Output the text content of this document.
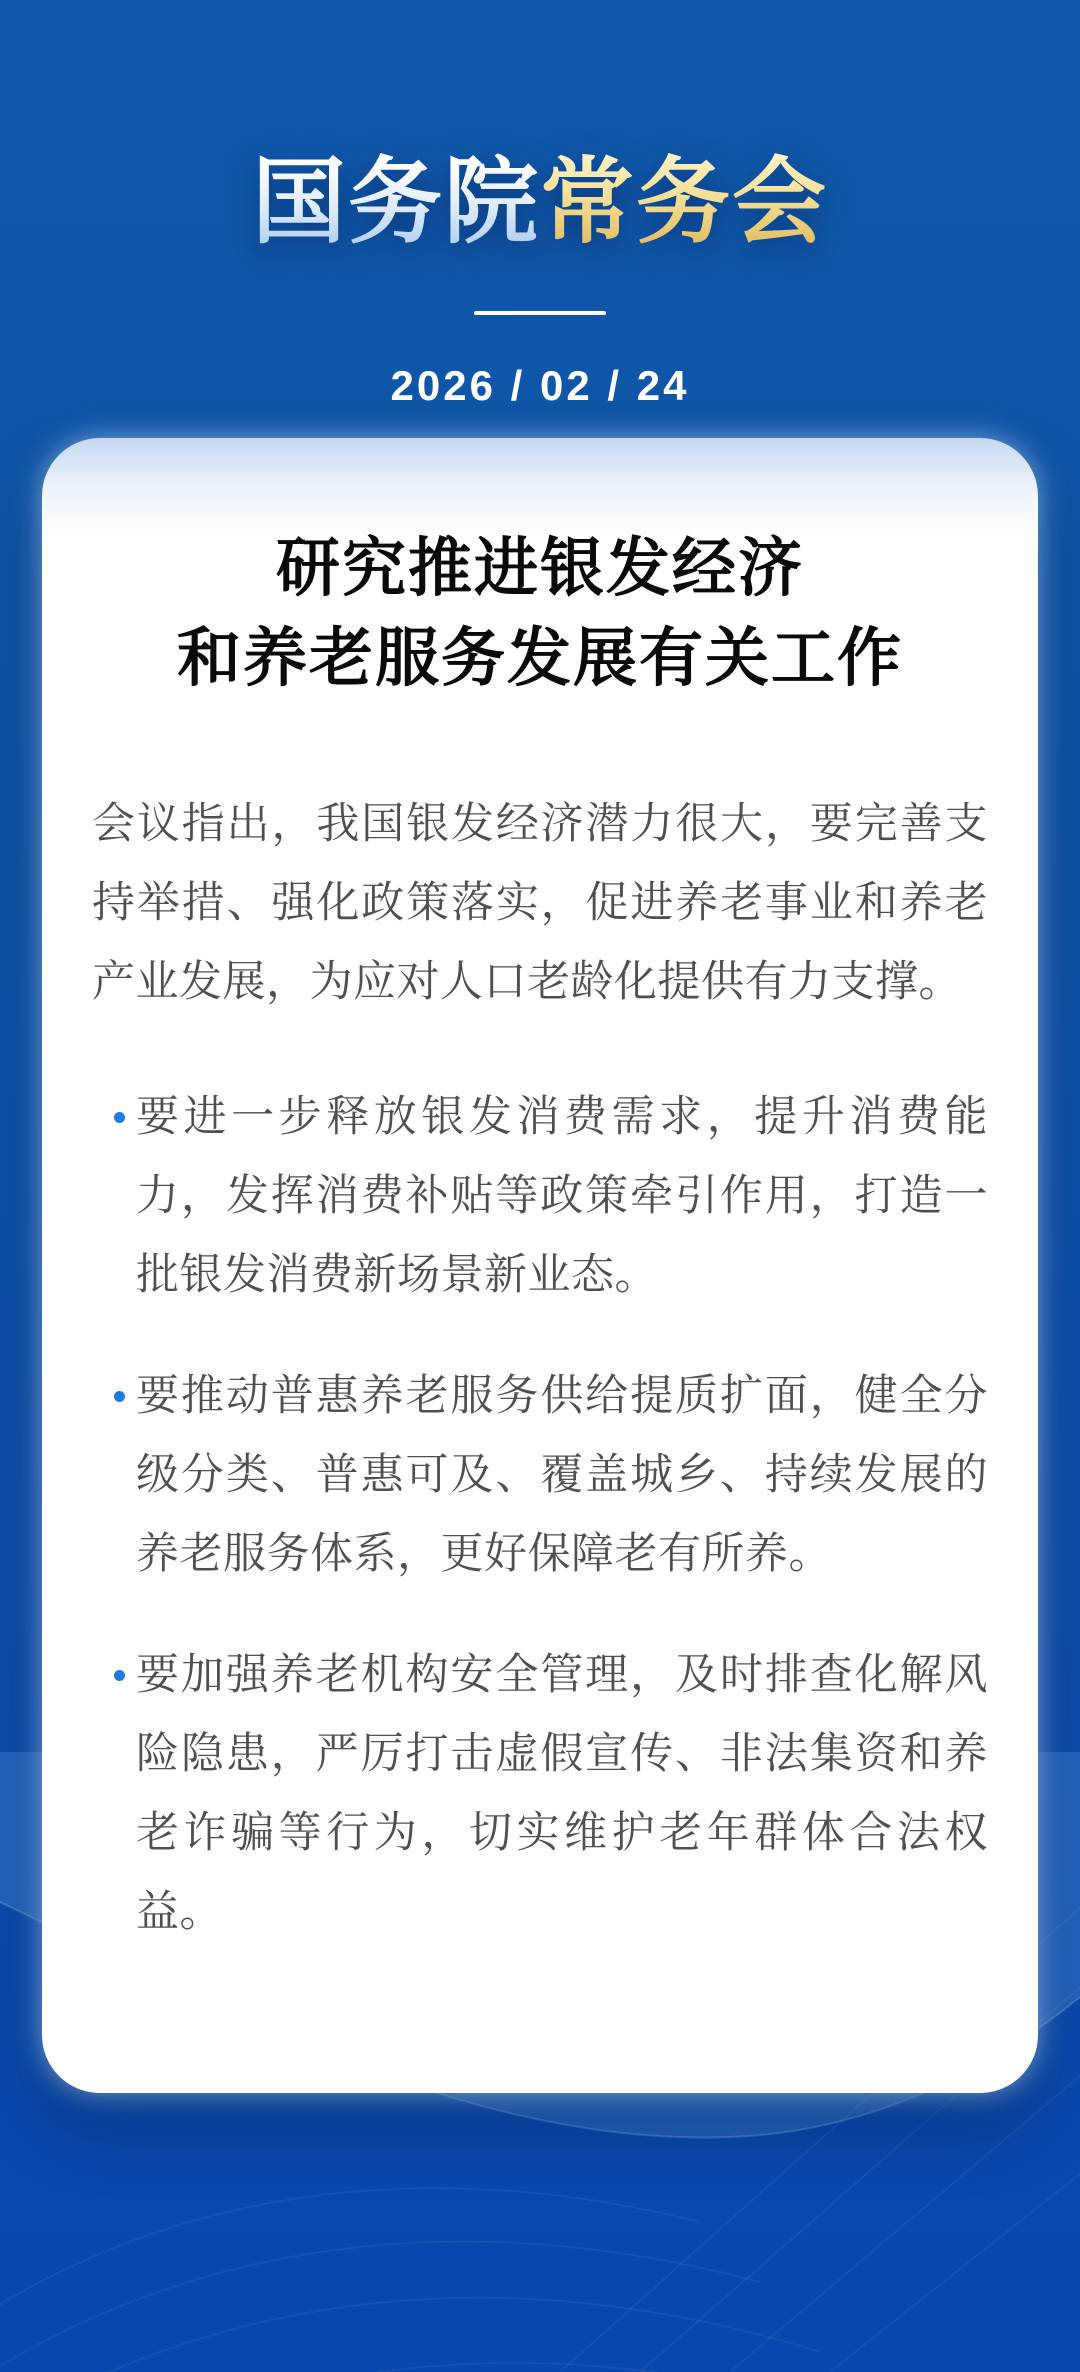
国务院常务会
2026 / 02 / 24
研究推进银发经济
和养老服务发展有关工作

会议指出，我国银发经济潜力很大，要完善支持举措、强化政策落实，促进养老事业和养老产业发展，为应对人口老龄化提供有力支撑。

要进一步释放银发消费需求，提升消费能力，发挥消费补贴等政策牵引作用，打造一批银发消费新场景新业态。
要推动普惠养老服务供给提质扩面，健全分级分类、普惠可及、覆盖城乡、持续发展的养老服务体系，更好保障老有所养。
要加强养老机构安全管理，及时排查化解风险隐患，严厉打击虚假宣传、非法集资和养老诈骗等行为，切实维护老年群体合法权益。
